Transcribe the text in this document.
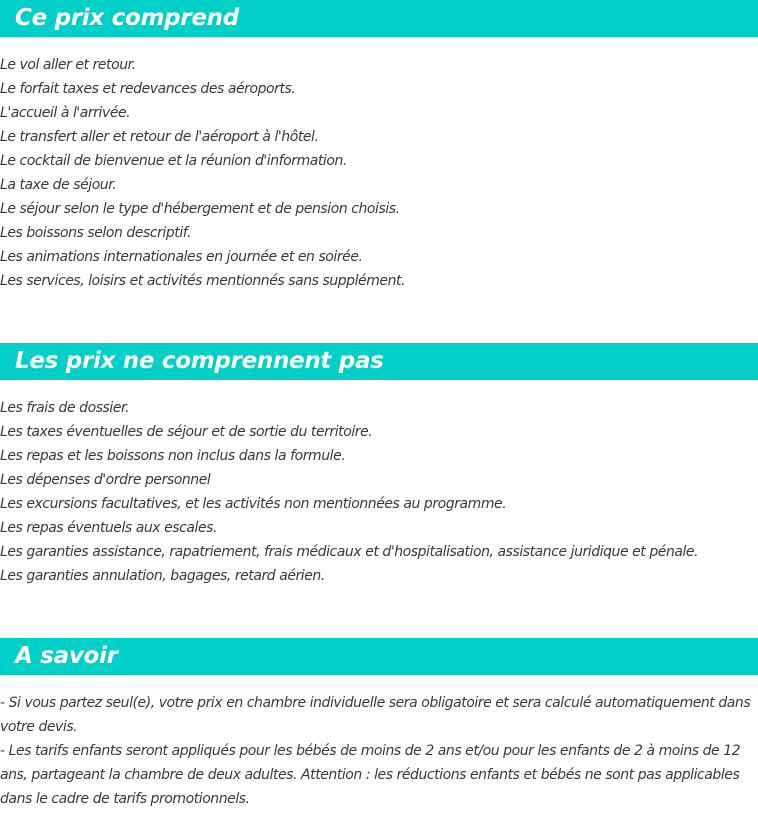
Ce prix comprend
Le vol aller et retour.
Le forfait taxes et redevances des aéroports.
L'accueil à l'arrivée.
Le transfert aller et retour de l'aéroport à l'hôtel.
Le cocktail de bienvenue et la réunion d'information.
La taxe de séjour.
Le séjour selon le type d'hébergement et de pension choisis.
Les boissons selon descriptif.
Les animations internationales en journée et en soirée.
Les services, loisirs et activités mentionnés sans supplément.
Les prix ne comprennent pas
Les frais de dossier.
Les taxes éventuelles de séjour et de sortie du territoire.
Les repas et les boissons non inclus dans la formule.
Les dépenses d'ordre personnel
Les excursions facultatives, et les activités non mentionnées au programme.
Les repas éventuels aux escales.
Les garanties assistance, rapatriement, frais médicaux et d'hospitalisation, assistance juridique et pénale.
Les garanties annulation, bagages, retard aérien.
A savoir

- Si vous partez seul(e), votre prix en chambre individuelle sera obligatoire et sera calculé automatiquement dans votre devis.

- Les tarifs enfants seront appliqués pour les bébés de moins de 2 ans et/ou pour les enfants de 2 à moins de 12 ans, partageant la chambre de deux adultes. Attention : les réductions enfants et bébés ne sont pas applicables dans le cadre de tarifs promotionnels.
